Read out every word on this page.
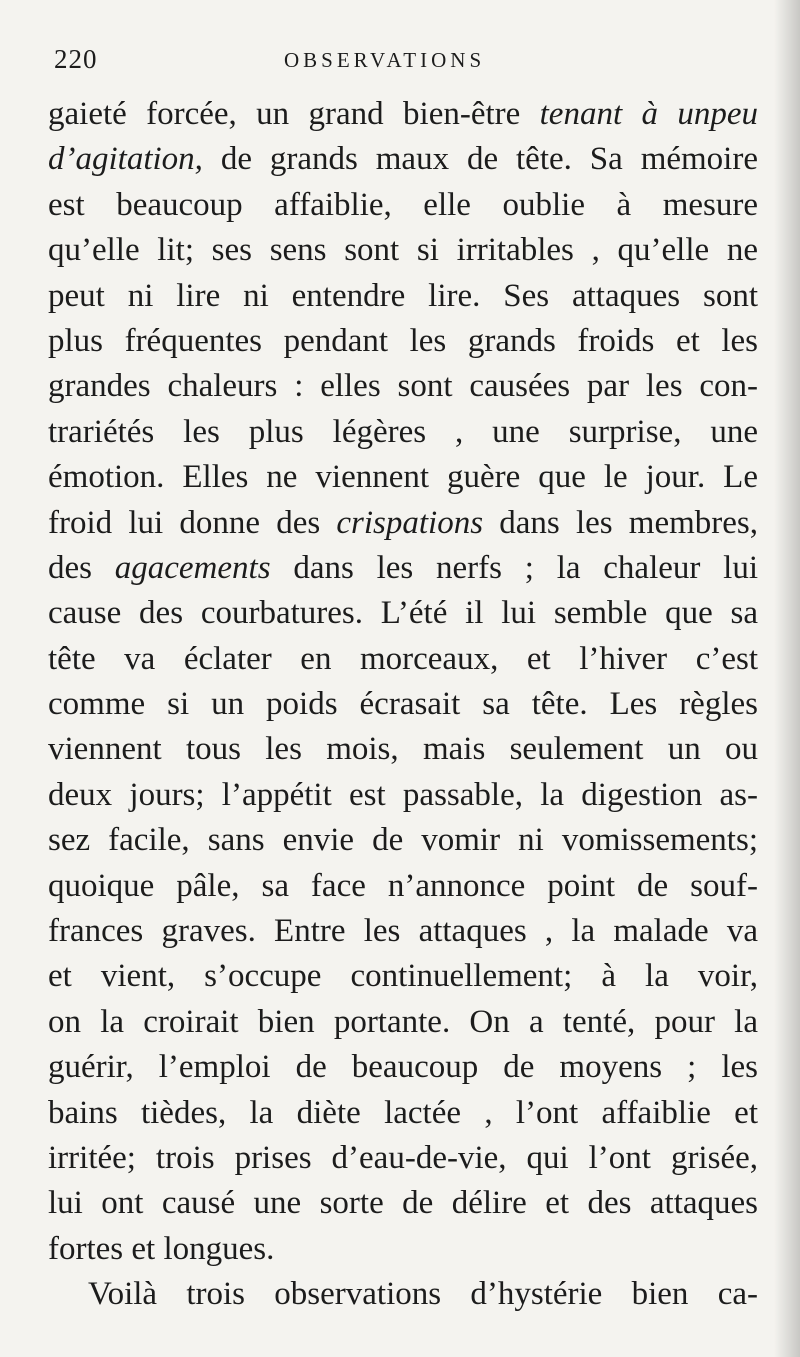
220	OBSERVATIONS
gaieté forcée, un grand bien-être tenant à unpeu
d’agitation, de grands maux de tête. Sa mémoire
est beaucoup affaiblie, elle oublie à mesure
qu’elle lit; ses sens sont si irritables , qu’elle ne
peut ni lire ni entendre lire. Ses attaques sont
plus fréquentes pendant les grands froids et les
grandes chaleurs : elles sont causées par les con-
trariétés les plus légères , une surprise, une
émotion. Elles ne viennent guère que le jour. Le
froid lui donne des crispations dans les membres,
des agacements dans les nerfs ; la chaleur lui
cause des courbatures. L’été il lui semble que sa
tête va éclater en morceaux, et l’hiver c’est
comme si un poids écrasait sa tête. Les règles
viennent tous les mois, mais seulement un ou
deux jours; l’appétit est passable, la digestion as-
sez facile, sans envie de vomir ni vomissements;
quoique pâle, sa face n’annonce point de souf-
frances graves. Entre les attaques , la malade va
et vient, s’occupe continuellement; à la voir,
on la croirait bien portante. On a tenté, pour la
guérir, l’emploi de beaucoup de moyens ; les
bains tièdes, la diète lactée , l’ont affaiblie et
irritée; trois prises d’eau-de-vie, qui l’ont grisée,
lui ont causé une sorte de délire et des attaques
fortes et longues.
Voilà trois observations d’hystérie bien ca-
